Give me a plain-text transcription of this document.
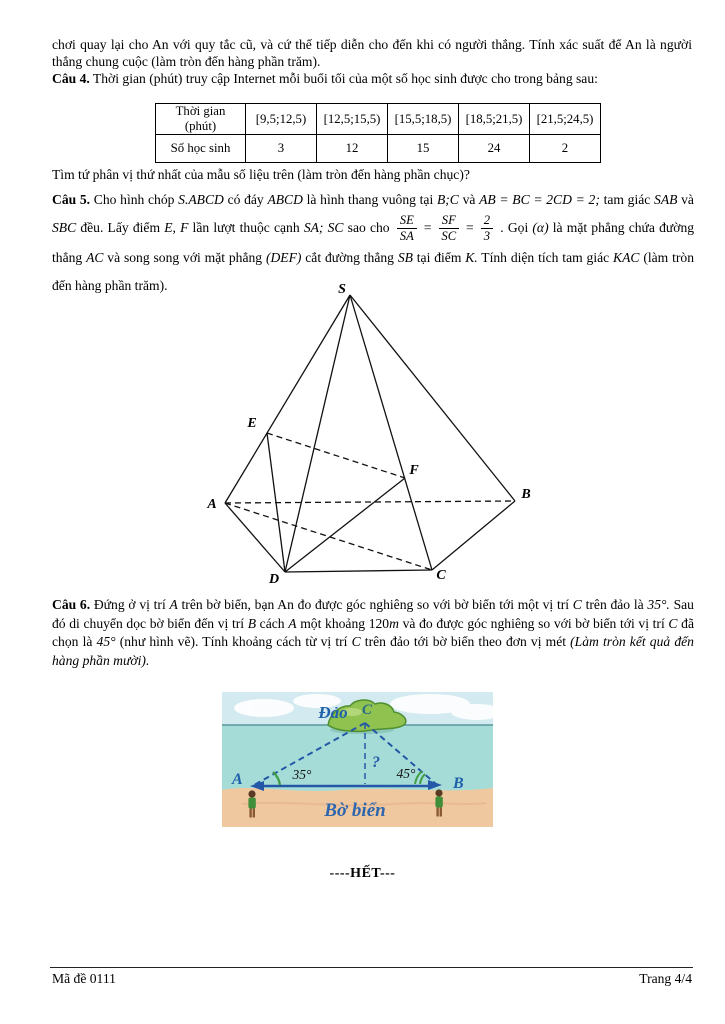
chơi quay lại cho An với quy tắc cũ, và cứ thế tiếp diễn cho đến khi có người thắng. Tính xác suất để An là người thắng chung cuộc (làm tròn đến hàng phần trăm).

Câu 4. Thời gian (phút) truy cập Internet mỗi buổi tối của một số học sinh được cho trong bảng sau:

Thời gian (phút)	[9,5;12,5)	[12,5;15,5)	[15,5;18,5)	[18,5;21,5)	[21,5;24,5)
Số học sinh	3	12	15	24	2

Tìm tứ phân vị thứ nhất của mẫu số liệu trên (làm tròn đến hàng phần chục)?

Câu 5. Cho hình chóp S.ABCD có đáy ABCD là hình thang vuông tại B;C và AB = BC = 2CD = 2; tam giác SAB và SBC đều. Lấy điểm E, F lần lượt thuộc cạnh SA; SC sao cho $\frac{SE}{SA} = \frac{SF}{SC} = \frac{2}{3}$ . Gọi (α) là mặt phẳng chứa đường thẳng AC và song song với mặt phẳng (DEF) cắt đường thẳng SB tại điểm K. Tính diện tích tam giác KAC (làm tròn đến hàng phần trăm).	S
A
B
C
D
E
F
Câu 6. Đứng ở vị trí A trên bờ biển, bạn An đo được góc nghiêng so với bờ biển tới một vị trí C trên đảo là 35°. Sau đó di chuyển dọc bờ biển đến vị trí B cách A một khoảng 120m và đo được góc nghiêng so với bờ biển tới vị trí C đã chọn là 45° (như hình vẽ). Tính khoảng cách từ vị trí C trên đảo tới bờ biển theo đơn vị mét (Làm tròn kết quả đến hàng phần mười).
Đảo C
?
35°	45°
A	B
Bờ biển
----HẾT---
Trang 4/4
Mã đề 0111
